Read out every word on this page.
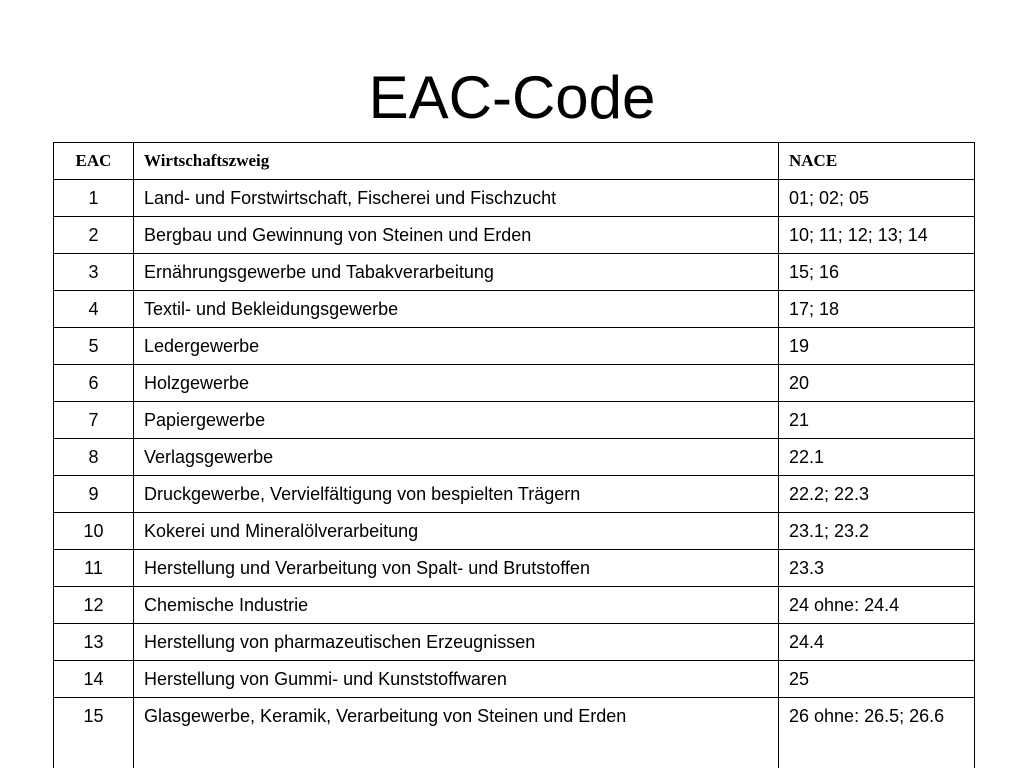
EAC-Code
EAC	Wirtschaftszweig	NACE
1	Land- und Forstwirtschaft, Fischerei und Fischzucht	01; 02; 05
2	Bergbau und Gewinnung von Steinen und Erden	10; 11; 12; 13; 14
3	Ernährungsgewerbe und Tabakverarbeitung	15; 16
4	Textil- und Bekleidungsgewerbe	17; 18
5	Ledergewerbe	19
6	Holzgewerbe	20
7	Papiergewerbe	21
8	Verlagsgewerbe	22.1
9	Druckgewerbe, Vervielfältigung von bespielten Trägern	22.2; 22.3
10	Kokerei und Mineralölverarbeitung	23.1; 23.2
11	Herstellung und Verarbeitung von Spalt- und Brutstoffen	23.3
12	Chemische Industrie	24 ohne: 24.4
13	Herstellung von pharmazeutischen Erzeugnissen	24.4
14	Herstellung von Gummi- und Kunststoffwaren	25
15	Glasgewerbe, Keramik, Verarbeitung von Steinen und Erden	26 ohne: 26.5; 26.6
